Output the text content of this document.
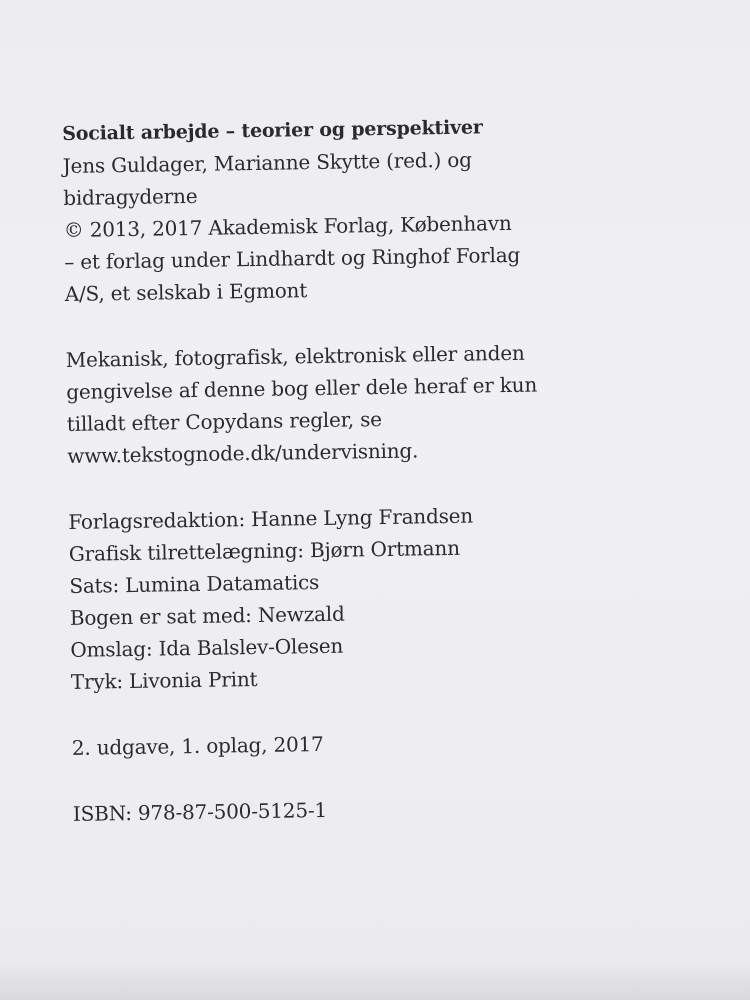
Socialt arbejde – teorier og perspektiver
Jens Guldager, Marianne Skytte (red.) og
bidragyderne
© 2013, 2017 Akademisk Forlag, København
– et forlag under Lindhardt og Ringhof Forlag
A/S, et selskab i Egmont
Mekanisk, fotografisk, elektronisk eller anden
gengivelse af denne bog eller dele heraf er kun
tilladt efter Copydans regler, se
www.tekstognode.dk/undervisning.
Forlagsredaktion: Hanne Lyng Frandsen
Grafisk tilrettelægning: Bjørn Ortmann
Sats: Lumina Datamatics
Bogen er sat med: Newzald
Omslag: Ida Balslev-Olesen
Tryk: Livonia Print
2. udgave, 1. oplag, 2017
ISBN: 978-87-500-5125-1
